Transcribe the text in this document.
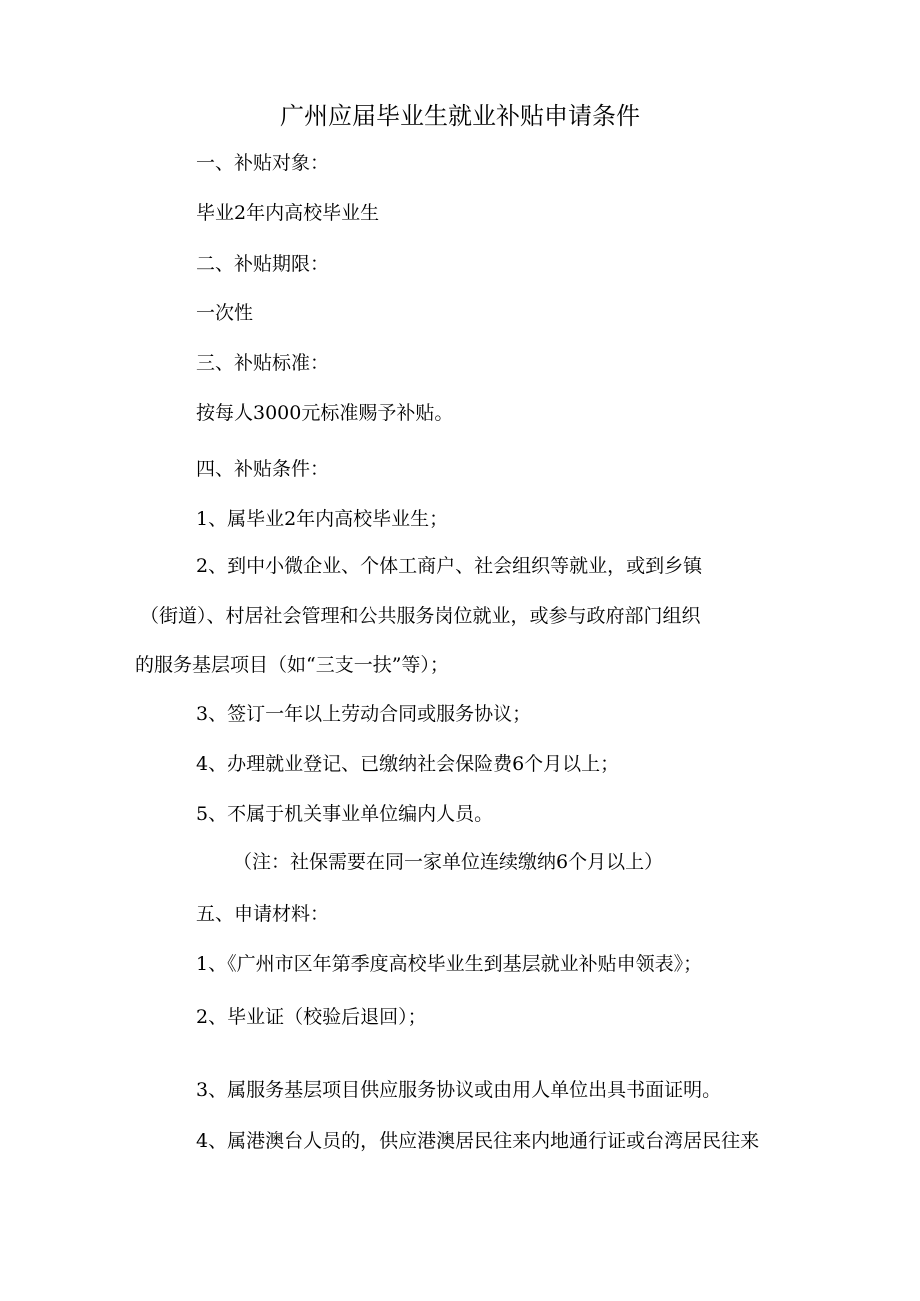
广州应届毕业生就业补贴申请条件
一、补贴对象：
毕业2年内高校毕业生
二、补贴期限：
一次性
三、补贴标准：
按每人3000元标准赐予补贴。
四、补贴条件：
1、属毕业2年内高校毕业生；
2、到中小微企业、个体工商户、社会组织等就业，或到乡镇
（街道）、村居社会管理和公共服务岗位就业，或参与政府部门组织
的服务基层项目（如“三支一扶”等）；
3、签订一年以上劳动合同或服务协议；
4、办理就业登记、已缴纳社会保险费6个月以上；
5、不属于机关事业单位编内人员。
（注：社保需要在同一家单位连续缴纳6个月以上）
五、申请材料：
1、《广州市区年第季度高校毕业生到基层就业补贴申领表》；
2、毕业证（校验后退回）；
3、属服务基层项目供应服务协议或由用人单位出具书面证明。
4、属港澳台人员的，供应港澳居民往来内地通行证或台湾居民往来
